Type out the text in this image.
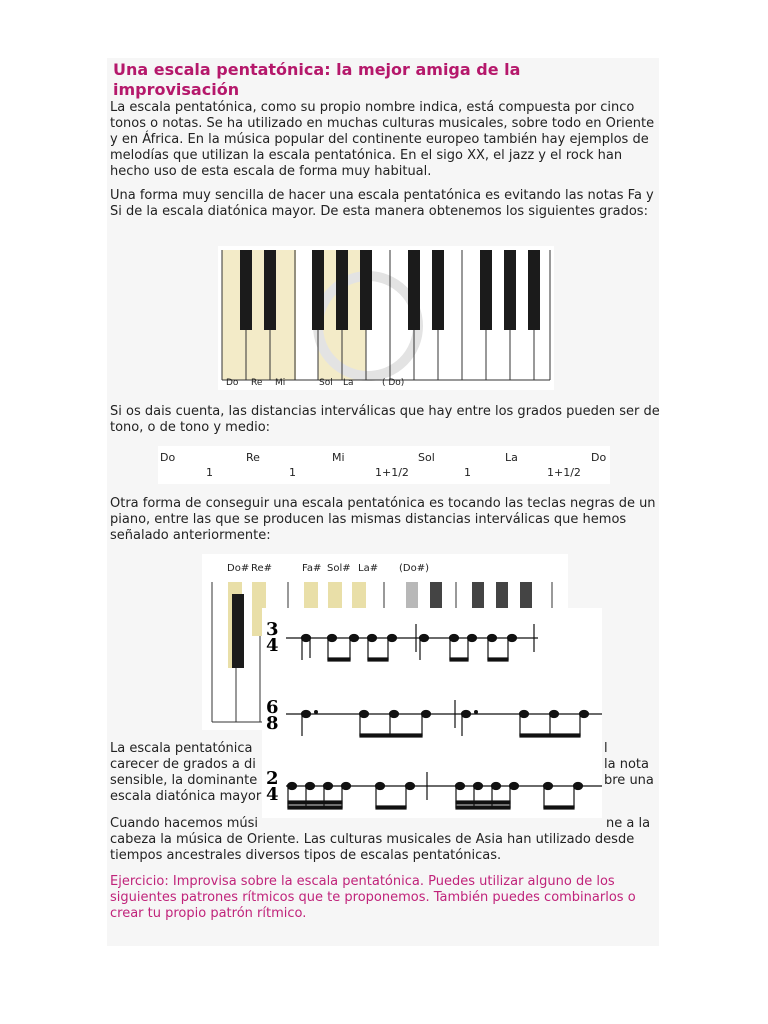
Una escala pentatónica: la mejor amiga de la improvisación
La escala pentatónica, como su propio nombre indica, está compuesta por cinco tonos o notas. Se ha utilizado en muchas culturas musicales, sobre todo en Oriente y en África. En la música popular del continente europeo también hay ejemplos de melodías que utilizan la escala pentatónica. En el sigo XX, el jazz y el rock han hecho uso de esta escala de forma muy habitual.
Una forma muy sencilla de hacer una escala pentatónica es evitando las notas Fa y Si de la escala diatónica mayor. De esta manera obtenemos los siguientes grados:
Do Re Mi	Sol La	( Do)
Si os dais cuenta, las distancias interválicas que hay entre los grados pueden ser de tono, o de tono y medio:
Do	Re	Mi	Sol	La	Do
1	1	1+1/2	1	1+1/2
Otra forma de conseguir una escala pentatónica es tocando las teclas negras de un piano, entre las que se producen las mismas distancias interválicas que hemos señalado anteriormente:
Do# Re#	Fa# Sol# La# (Do#)
La escala pentatónica
carecer de grados a di
sensible, la dominante
escala diatónica mayor
l
la nota
bre una
Cuando hacemos músi
cabeza la música de Oriente. Las culturas musicales de Asia han utilizado desde
tiempos ancestrales diversos tipos de escalas pentatónicas.
ne a la
3
4
6
8
2
4
Ejercicio: Improvisa sobre la escala pentatónica. Puedes utilizar alguno de los siguientes patrones rítmicos que te proponemos. También puedes combinarlos o crear tu propio patrón rítmico.
